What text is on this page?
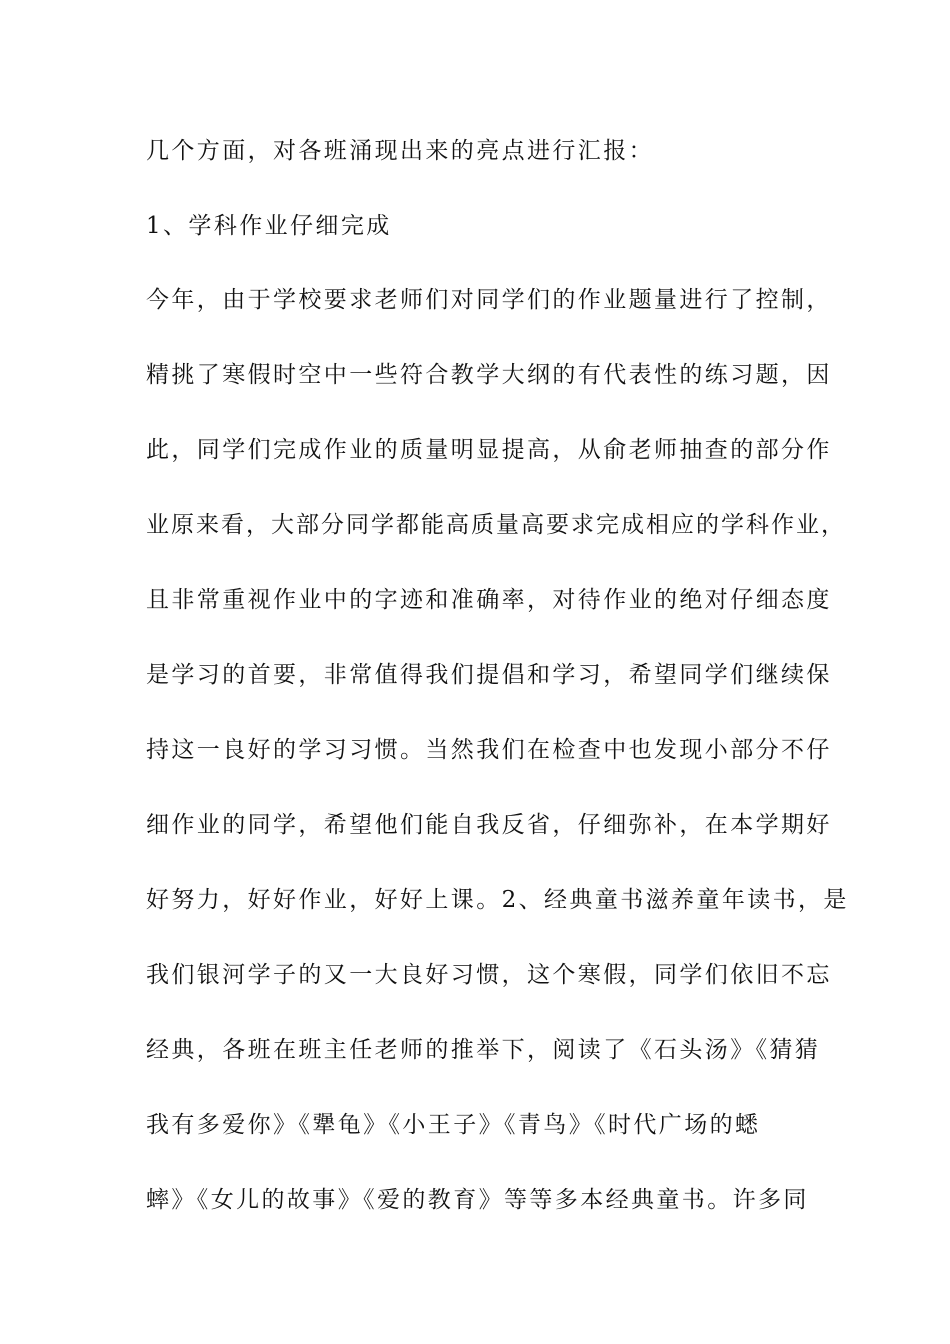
几个方面，对各班涌现出来的亮点进行汇报：
1、学科作业仔细完成
今年，由于学校要求老师们对同学们的作业题量进行了控制，
精挑了寒假时空中一些符合教学大纲的有代表性的练习题，因
此，同学们完成作业的质量明显提高，从俞老师抽查的部分作
业原来看，大部分同学都能高质量高要求完成相应的学科作业，
且非常重视作业中的字迹和准确率，对待作业的绝对仔细态度
是学习的首要，非常值得我们提倡和学习，希望同学们继续保
持这一良好的学习习惯。当然我们在检查中也发现小部分不仔
细作业的同学，希望他们能自我反省，仔细弥补，在本学期好
好努力，好好作业，好好上课。2、经典童书滋养童年读书，是
我们银河学子的又一大良好习惯，这个寒假，同学们依旧不忘
经典，各班在班主任老师的推举下，阅读了《石头汤》《猜猜
我有多爱你》《犟龟》《小王子》《青鸟》《时代广场的蟋
蟀》《女儿的故事》《爱的教育》等等多本经典童书。许多同
